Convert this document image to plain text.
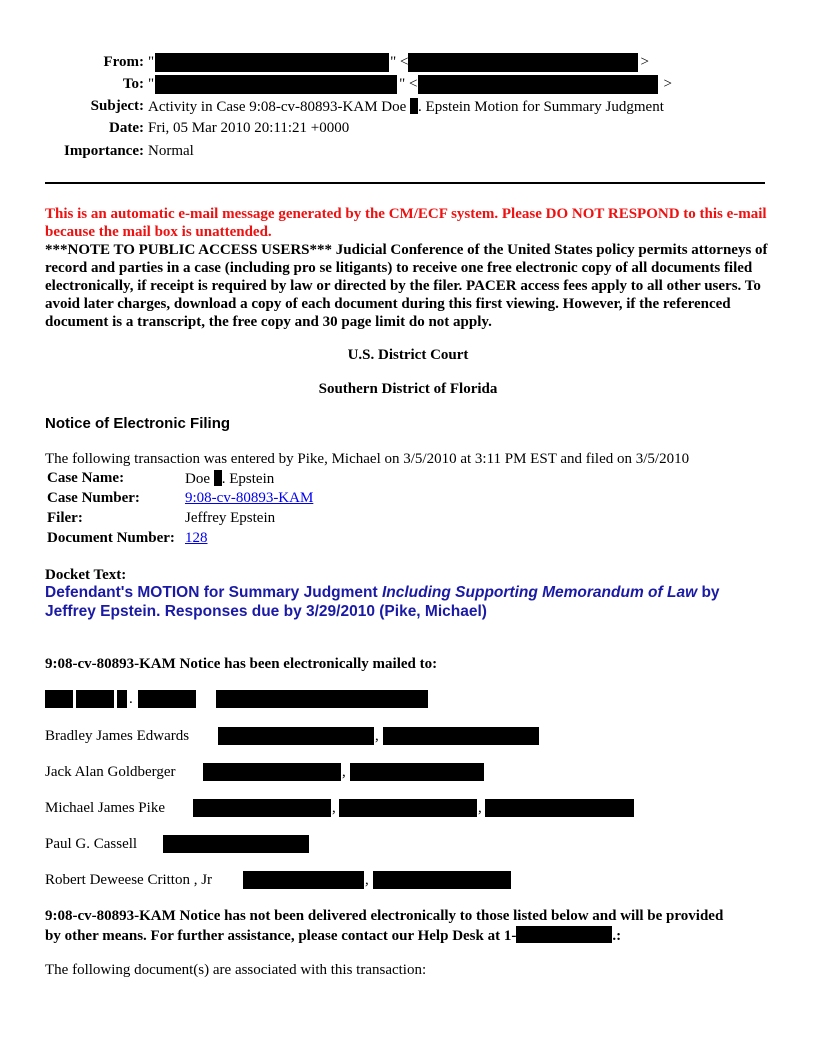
From: "	" <	>
To: "	" <	>
Subject: Activity in Case 9:08-cv-80893-KAM Doe . Epstein Motion for Summary Judgment
Date: Fri, 05 Mar 2010 20:11:21 +0000
Importance: Normal
This is an automatic e-mail message generated by the CM/ECF system. Please DO NOT RESPOND to this e-mail because the mail box is unattended.
***NOTE TO PUBLIC ACCESS USERS*** Judicial Conference of the United States policy permits attorneys of record and parties in a case (including pro se litigants) to receive one free electronic copy of all documents filed electronically, if receipt is required by law or directed by the filer. PACER access fees apply to all other users. To avoid later charges, download a copy of each document during this first viewing. However, if the referenced document is a transcript, the free copy and 30 page limit do not apply.
U.S. District Court
Southern District of Florida
Notice of Electronic Filing
The following transaction was entered by Pike, Michael on 3/5/2010 at 3:11 PM EST and filed on 3/5/2010
Case Name:	Doe . Epstein
Case Number:	9:08-cv-80893-KAM
Filer:	Jeffrey Epstein
Document Number: 128
Docket Text:
Defendant's MOTION for Summary Judgment Including Supporting Memorandum of Law by
Jeffrey Epstein. Responses due by 3/29/2010 (Pike, Michael)
9:08-cv-80893-KAM Notice has been electronically mailed to:
.
Bradley James Edwards	,
Jack Alan Goldberger	,
Michael James Pike	,	,
Paul G. Cassell
Robert Deweese Critton , Jr	,
9:08-cv-80893-KAM Notice has not been delivered electronically to those listed below and will be provided
by other means. For further assistance, please contact our Help Desk at 1-	.:
The following document(s) are associated with this transaction:
